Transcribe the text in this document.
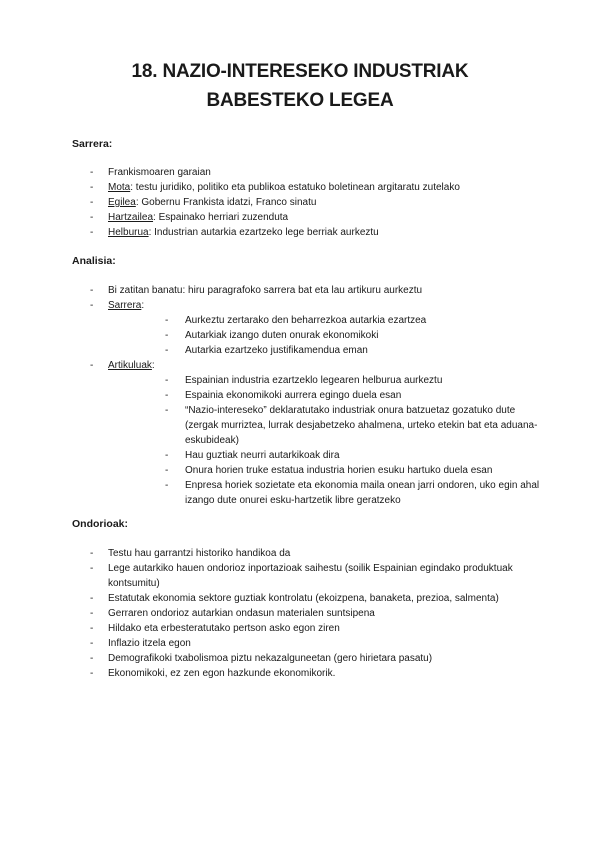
18. NAZIO-INTERESEKO INDUSTRIAK
BABESTEKO LEGEA
Sarrera:
- Frankismoaren garaian
- Mota: testu juridiko, politiko eta publikoa estatuko boletinean argitaratu zutelako
- Egilea: Gobernu Frankista idatzi, Franco sinatu
- Hartzailea: Espainako herriari zuzenduta
- Helburua: Industrian autarkia ezartzeko lege berriak aurkeztu
Analisia:
- Bi zatitan banatu: hiru paragrafoko sarrera bat eta lau artikuru aurkeztu
- Sarrera:
- Aurkeztu zertarako den beharrezkoa autarkia ezartzea
- Autarkiak izango duten onurak ekonomikoki
- Autarkia ezartzeko justifikamendua eman
- Artikuluak:
- Espainian industria ezartzeklo legearen helburua aurkeztu
- Espainia ekonomikoki aurrera egingo duela esan
- “Nazio-intereseko” deklaratutako industriak onura batzuetaz gozatuko dute (zergak murriztea, lurrak desjabetzeko ahalmena, urteko etekin bat eta aduana-eskubideak)
- Hau guztiak neurri autarkikoak dira
- Onura horien truke estatua industria horien esuku hartuko duela esan
- Enpresa horiek sozietate eta ekonomia maila onean jarri ondoren, uko egin ahal izango dute onurei esku-hartzetik libre geratzeko
Ondorioak:
- Testu hau garrantzi historiko handikoa da
- Lege autarkiko hauen ondorioz inportazioak saihestu (soilik Espainian egindako produktuak kontsumitu)
- Estatutak ekonomia sektore guztiak kontrolatu (ekoizpena, banaketa, prezioa, salmenta)
- Gerraren ondorioz autarkian ondasun materialen suntsipena
- Hildako eta erbesteratutako pertson asko egon ziren
- Inflazio itzela egon
- Demografikoki txabolismoa piztu nekazalguneetan (gero hirietara pasatu)
- Ekonomikoki, ez zen egon hazkunde ekonomikorik.
